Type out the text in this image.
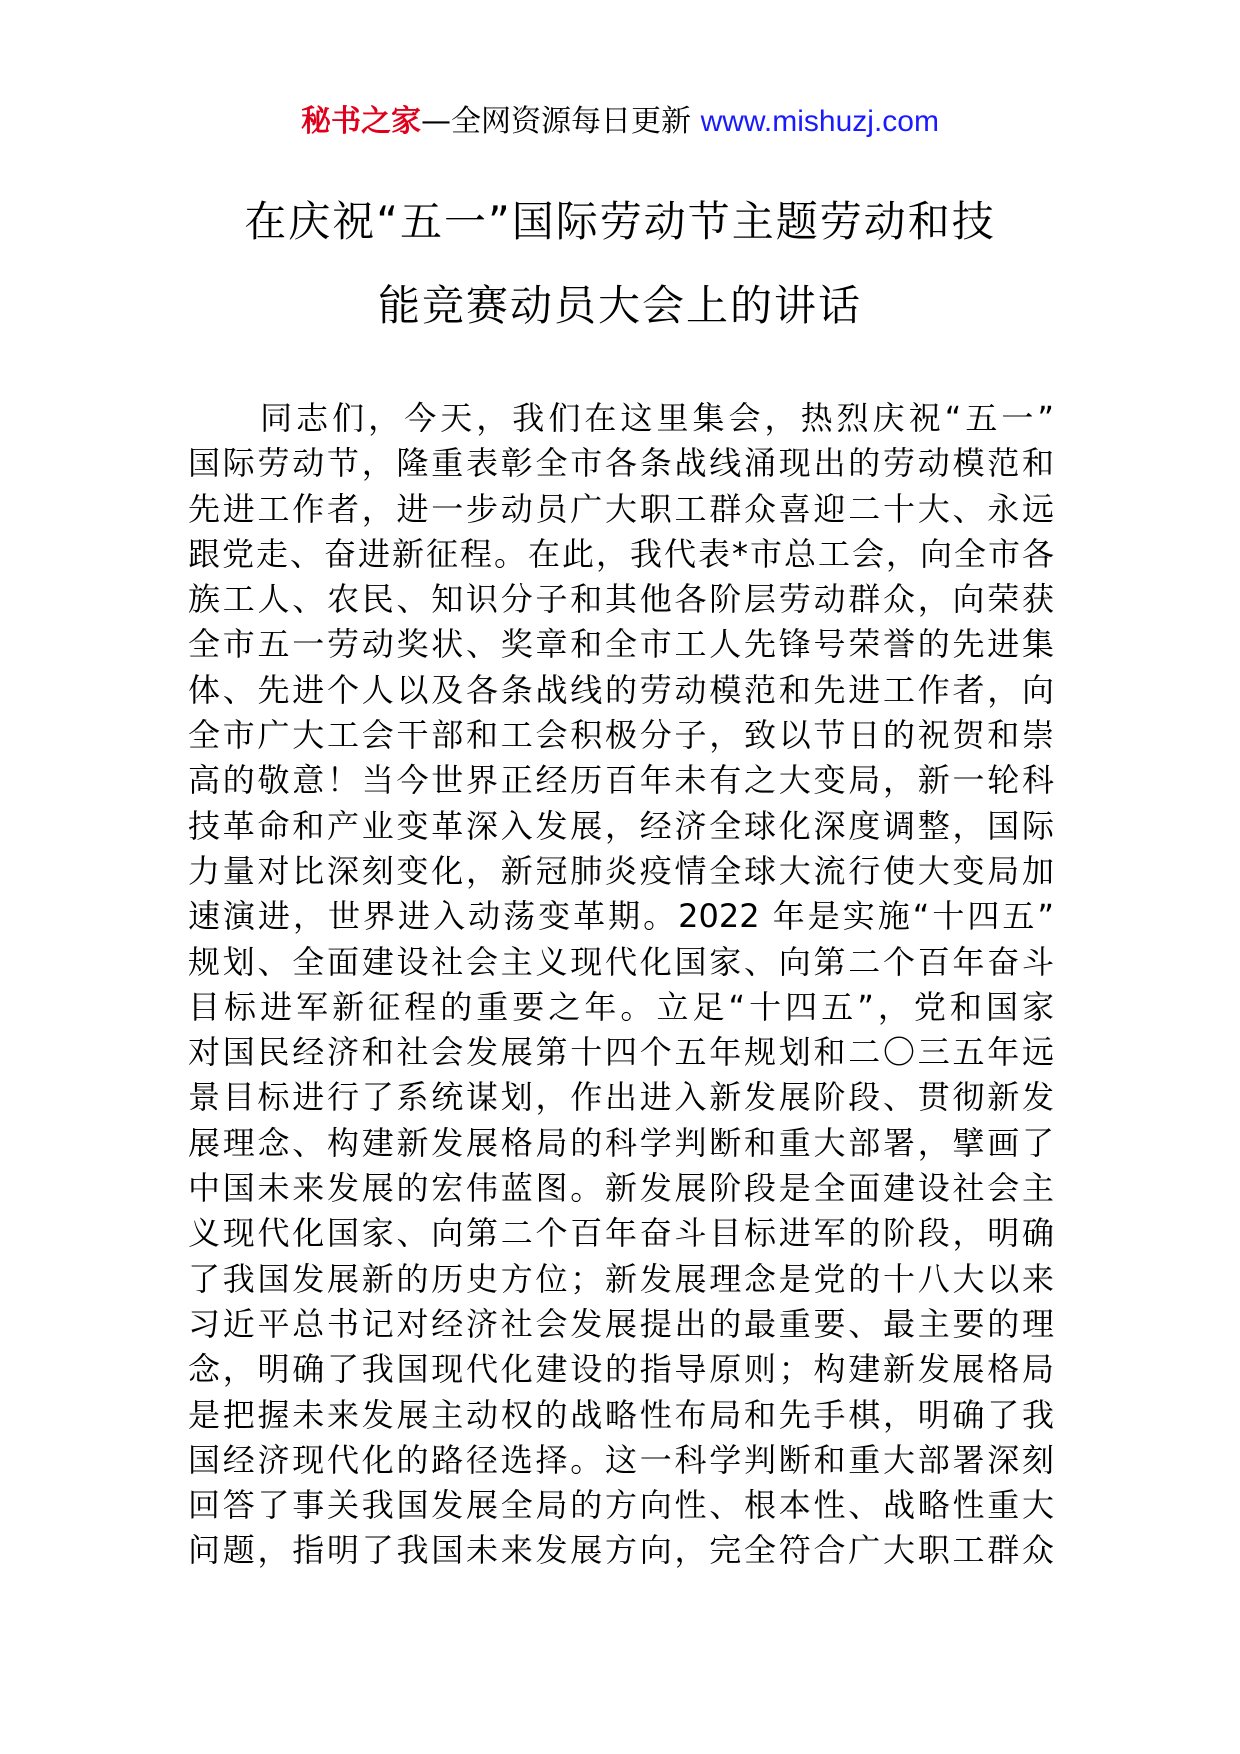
秘书之家—全网资源每日更新 www.mishuzj.com
在庆祝“五一”国际劳动节主题劳动和技
能竞赛动员大会上的讲话
　　同志们，今天，我们在这里集会，热烈庆祝“五一”
国际劳动节，隆重表彰全市各条战线涌现出的劳动模范和
先进工作者，进一步动员广大职工群众喜迎二十大、永远
跟党走、奋进新征程。在此，我代表*市总工会，向全市各
族工人、农民、知识分子和其他各阶层劳动群众，向荣获
全市五一劳动奖状、奖章和全市工人先锋号荣誉的先进集
体、先进个人以及各条战线的劳动模范和先进工作者，向
全市广大工会干部和工会积极分子，致以节日的祝贺和崇
高的敬意！当今世界正经历百年未有之大变局，新一轮科
技革命和产业变革深入发展，经济全球化深度调整，国际
力量对比深刻变化，新冠肺炎疫情全球大流行使大变局加
速演进，世界进入动荡变革期。2022 年是实施“十四五”
规划、全面建设社会主义现代化国家、向第二个百年奋斗
目标进军新征程的重要之年。立足“十四五”，党和国家
对国民经济和社会发展第十四个五年规划和二〇三五年远
景目标进行了系统谋划，作出进入新发展阶段、贯彻新发
展理念、构建新发展格局的科学判断和重大部署，擘画了
中国未来发展的宏伟蓝图。新发展阶段是全面建设社会主
义现代化国家、向第二个百年奋斗目标进军的阶段，明确
了我国发展新的历史方位；新发展理念是党的十八大以来
习近平总书记对经济社会发展提出的最重要、最主要的理
念，明确了我国现代化建设的指导原则；构建新发展格局
是把握未来发展主动权的战略性布局和先手棋，明确了我
国经济现代化的路径选择。这一科学判断和重大部署深刻
回答了事关我国发展全局的方向性、根本性、战略性重大
问题，指明了我国未来发展方向，完全符合广大职工群众
